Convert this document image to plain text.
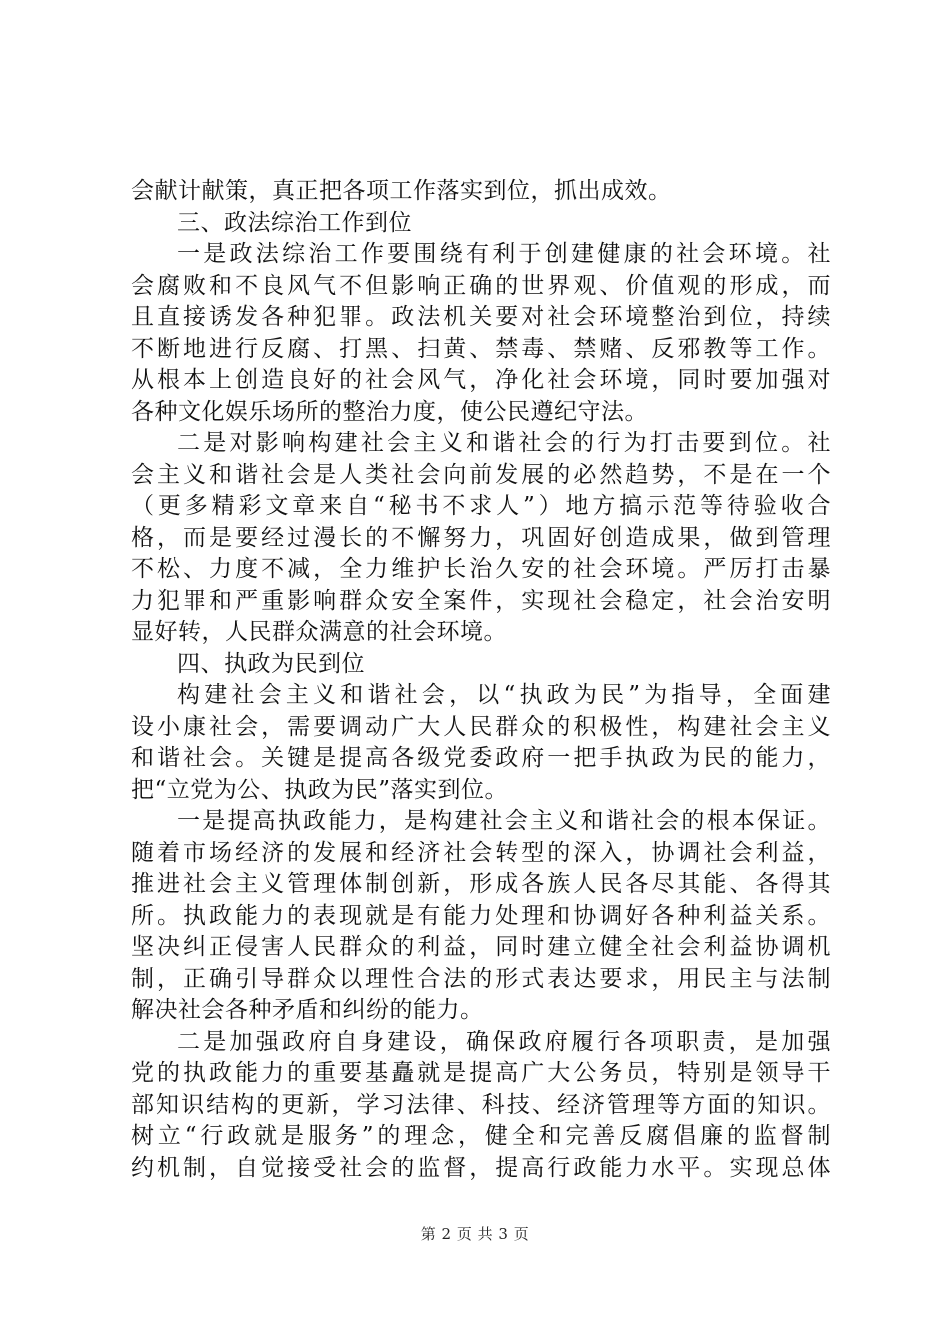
会献计献策，真正把各项工作落实到位，抓出成效。
三、政法综治工作到位
一是政法综治工作要围绕有利于创建健康的社会环境。社
会腐败和不良风气不但影响正确的世界观、价值观的形成，而
且直接诱发各种犯罪。政法机关要对社会环境整治到位，持续
不断地进行反腐、打黑、扫黄、禁毒、禁赌、反邪教等工作。
从根本上创造良好的社会风气，净化社会环境，同时要加强对
各种文化娱乐场所的整治力度，使公民遵纪守法。
二是对影响构建社会主义和谐社会的行为打击要到位。社
会主义和谐社会是人类社会向前发展的必然趋势，不是在一个
（更多精彩文章来自“秘书不求人”）地方搞示范等待验收合
格，而是要经过漫长的不懈努力，巩固好创造成果，做到管理
不松、力度不减，全力维护长治久安的社会环境。严厉打击暴
力犯罪和严重影响群众安全案件，实现社会稳定，社会治安明
显好转，人民群众满意的社会环境。
四、执政为民到位
构建社会主义和谐社会，以“执政为民”为指导，全面建
设小康社会，需要调动广大人民群众的积极性，构建社会主义
和谐社会。关键是提高各级党委政府一把手执政为民的能力，
把“立党为公、执政为民”落实到位。
一是提高执政能力，是构建社会主义和谐社会的根本保证。
随着市场经济的发展和经济社会转型的深入，协调社会利益，
推进社会主义管理体制创新，形成各族人民各尽其能、各得其
所。执政能力的表现就是有能力处理和协调好各种利益关系。
坚决纠正侵害人民群众的利益，同时建立健全社会利益协调机
制，正确引导群众以理性合法的形式表达要求，用民主与法制
解决社会各种矛盾和纠纷的能力。
二是加强政府自身建设，确保政府履行各项职责，是加强
党的执政能力的重要基矗就是提高广大公务员，特别是领导干
部知识结构的更新，学习法律、科技、经济管理等方面的知识。
树立“行政就是服务”的理念，健全和完善反腐倡廉的监督制
约机制，自觉接受社会的监督，提高行政能力水平。实现总体
第 2 页 共 3 页
